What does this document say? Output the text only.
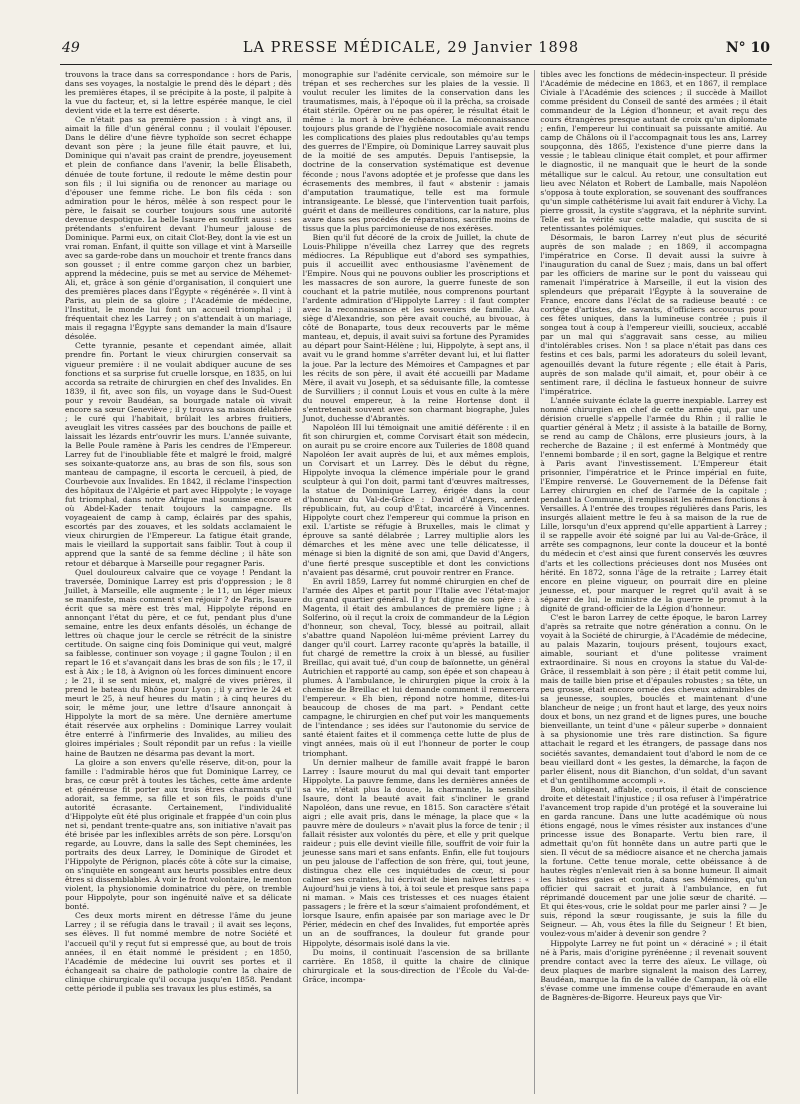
49	LA PRESSE MÉDICALE, 29 Janvier 1898	N° 10

trouvons la trace dans sa correspondance : hors de Paris, dans ses voyages, la nostalgie le prend dès le départ ; dès les premières étapes, il se précipite à la poste, il palpite à la vue du facteur, et, si la lettre espérée manque, le ciel devient vide et la terre est déserte.

Ce n'était pas sa première passion : à vingt ans, il aimait la fille d'un général connu ; il voulait l'épouser. Dans le délire d'une fièvre typhoïde son secret échappe devant son père ; la jeune fille était pauvre, et lui, Dominique qui n'avait pas craint de prendre, joyeusement et plein de confiance dans l'avenir, la belle Élisabeth, dénuée de toute fortune, il redoute le même destin pour son fils ; il lui signifia ou de renoncer au mariage ou d'épouser une femme riche. Le bon fils céda : son admiration pour le héros, mêlée à son respect pour le père, le faisait se courber toujours sous une autorité devenue despotique. La belle Isaure en souffrit aussi : ses prétendants s'enfuirent devant l'humeur jalouse de Dominique. Parmi eux, on citait Clot-Bey, dont la vie est un vrai roman. Enfant, il quitte son village et vint à Marseille avec sa garde-robe dans un mouchoir et trente francs dans son gousset ; il entre comme garçon chez un barbier, apprend la médecine, puis se met au service de Méhemet-Ali, et, grâce à son génie d'organisation, il conquiert une des premières places dans l'Égypte « régénérée ». Il vint à Paris, au plein de sa gloire ; l'Académie de médecine, l'Institut, le monde lui font un accueil triomphal ; il fréquentait chez les Larrey ; on s'attendait à un mariage, mais il regagna l'Égypte sans demander la main d'Isaure désolée.

Cette tyrannie, pesante et cependant aimée, allait prendre fin. Portant le vieux chirurgien conservait sa vigueur première : il ne voulait abdiquer aucune de ses fonctions et sa surprise fut cruelle lorsque, en 1835, on lui accorda sa retraite de chirurgien en chef des Invalides. En 1839, il fit, avec son fils, un voyage dans le Sud-Ouest pour y revoir Baudéan, sa bourgade natale où vivait encore sa sœur Geneviève ; il y trouva sa maison délabrée ; le curé qui l'habitait, brûlait les arbres fruitiers, aveuglait les vitres cassées par des bouchons de paille et laissait les lézards entr'ouvrir les murs. L'année suivante, la Belle Poule ramène à Paris les cendres de l'Empereur. Larrey fut de l'inoubliable fête et malgré le froid, malgré ses soixante-quatorze ans, au bras de son fils, sous son manteau de campagne, il escorta le cercueil, à pied, de Courbevoie aux Invalides. En 1842, il réclame l'inspection des hôpitaux de l'Algérie et part avec Hippolyte ; le voyage fut triomphal, dans notre Afrique mal soumise encore et où Abdel-Kader tenait toujours la campagne. Ils voyageaient de camp à camp, éclairés par des spahis, escortés par des zouaves, et les soldats acclamaient le vieux chirurgien de l'Empereur. La fatigue était grande, mais le vieillard la supportait sans faiblir. Tout à coup il apprend que la santé de sa femme décline ; il hâte son retour et débarque à Marseille pour regagner Paris.

Quel douloureux calvaire que ce voyage ! Pendant la traversée, Dominique Larrey est pris d'oppression ; le 8 Juillet, à Marseille, elle augmente ; le 11, un léger mieux se manifeste, mais comment s'en réjouir ? de Paris, Isaure écrit que sa mère est très mal, Hippolyte répond en annonçant l'état du père, et ce fut, pendant plus d'une semaine, entre les deux enfants désolés, un échange de lettres où chaque jour le cercle se rétrécit de la sinistre certitude. On saigne cinq fois Dominique qui veut, malgré sa faiblesse, continuer son voyage ; il gagne Toulon ; il en repart le 16 et s'avançait dans les bras de son fils ; le 17, il est à Aix ; le 18, à Avignon où les forces diminuent encore ; le 21, il se sent mieux, et, malgré de vives prières, il prend le bateau du Rhône pour Lyon ; il y arrive le 24 et meurt le 25, à neuf heures du matin ; à cinq heures du soir, le même jour, une lettre d'Isaure annonçait à Hippolyte la mort de sa mère. Une dernière amertume était réservée aux orphelins : Dominique Larrey voulait être enterré à l'infirmerie des Invalides, au milieu des gloires impériales ; Soult répondit par un refus : la vieille haine de Bautzen ne désarma pas devant la mort.

La gloire a son envers qu'elle réserve, dit-on, pour la famille : l'admirable héros que fut Dominique Larrey, ce bras, ce cœur prêt à toutes les tâches, cette âme ardente et généreuse fit porter aux trois êtres charmants qu'il adorait, sa femme, sa fille et son fils, le poids d'une autorité écrasante. Certainement, l'individualité d'Hippolyte eût été plus originale et frappée d'un coin plus net si, pendant trente-quatre ans, son initiative n'avait pas été brisée par les inflexibles arrêts de son père. Lorsqu'on regarde, au Louvre, dans la salle des Sept cheminées, les portraits des deux Larrey, le Dominique de Girodet et l'Hippolyte de Pérignon, placés côte à côte sur la cimaise, on s'inquiète en songeant aux heurts possibles entre deux êtres si dissemblables. À voir le front volontaire, le menton violent, la physionomie dominatrice du père, on tremble pour Hippolyte, pour son ingénuité naïve et sa délicate bonté.

Ces deux morts mirent en détresse l'âme du jeune Larrey ; il se réfugia dans le travail ; il avait ses leçons, ses élèves. Il fut nommé membre de notre Société et l'accueil qu'il y reçut fut si empressé que, au bout de trois années, il en était nommé le président ; en 1850, l'Académie de médecine lui ouvrit ses portes et il échangeait sa chaire de pathologie contre la chaire de clinique chirurgicale qu'il occupa jusqu'en 1858. Pendant cette période il publia ses travaux les plus estimés, sa

monographie sur l'adénite cervicale, son mémoire sur le trépan et ses recherches sur les plaies de la vessie. Il voulut reculer les limites de la conservation dans les traumatismes, mais, à l'époque où il la prêcha, sa croisade était stérile. Opérer ou ne pas opérer, le résultat était le même : la mort à brève échéance. La méconnaissance toujours plus grande de l'hygiène nosocomiale avait rendu les complications des plaies plus redoutables qu'au temps des guerres de l'Empire, où Dominique Larrey sauvait plus de la moitié de ses amputés. Depuis l'antisepsie, la doctrine de la conservation systématique est devenue féconde ; nous l'avons adoptée et je professe que dans les écrasements des membres, il faut « abstenir : jamais d'amputation traumatique, telle est ma formule intransigeante. Le blessé, que l'intervention tuait parfois, guérit et dans de meilleures conditions, car la nature, plus avare dans ses procédés de réparations, sacrifie moins de tissus que la plus parcimonieuse de nos exérèses.

Bien qu'il fut décoré de la croix de Juillet, la chute de Louis-Philippe n'éveilla chez Larrey que des regrets médiocres. La République eut d'abord ses sympathies, puis il accueillit avec enthousiasme l'avènement de l'Empire. Nous qui ne pouvons oublier les proscriptions et les massacres de son aurore, la guerre funeste de son couchant et la patrie mutilée, nous comprenons pourtant l'ardente admiration d'Hippolyte Larrey : il faut compter avec la reconnaissance et les souvenirs de famille. Au siège d'Alexandrie, son père avait couché, au bivouac, à côté de Bonaparte, tous deux recouverts par le même manteau, et, depuis, il avait suivi sa fortune des Pyramides au départ pour Saint-Hélène ; lui, Hippolyte, à sept ans, il avait vu le grand homme s'arrêter devant lui, et lui flatter la joue. Par la lecture des Mémoires et Campagnes et par les récits de son père, il avait été accueilli par Madame Mère, il avait vu Joseph, et sa séduisante fille, la comtesse de Survilliers ; il connut Louis et vous en culte à la mère du nouvel empereur, à la reine Hortense dont il s'entretenait souvent avec son charmant biographe, Jules Junot, duchesse d'Abrantès.

Napoléon III lui témoignait une amitié déférente : il en fit son chirurgien et, comme Corvisart était son médecin, on aurait pu se croire encore aux Tuileries de 1808 quand Napoléon Ier avait auprès de lui, et aux mêmes emplois, un Corvisart et un Larrey. Dès le début du règne, Hippolyte invoqua la clémence impériale pour le grand sculpteur à qui l'on doit, parmi tant d'œuvres maîtresses, la statue de Dominique Larrey, érigée dans la cour d'honneur du Val-de-Grâce : David d'Angers, ardent républicain, fut, au coup d'État, incarcéré à Vincennes. Hippolyte court chez l'empereur qui commue la prison en exil. L'artiste se réfugie à Bruxelles, mais le climat y éprouve sa santé délabrée ; Larrey multiplie alors les démarches et les mène avec une telle délicatesse, il ménage si bien la dignité de son ami, que David d'Angers, d'une fierté presque susceptible et dont les convictions n'avaient pas désarmé, crut pouvoir rentrer en France.

En avril 1859, Larrey fut nommé chirurgien en chef de l'armée des Alpes et partit pour l'Italie avec l'état-major du grand quartier général. Il y fut digne de son père : à Magenta, il était des ambulances de première ligne ; à Solferino, où il reçut la croix de commandeur de la Légion d'honneur, son cheval, Tocy, blessé au poitrail, allait s'abattre quand Napoléon lui-même prévient Larrey du danger qu'il court. Larrey raconte qu'après la bataille, il fut chargé de remettre la croix à un blessé, au fusilier Breillac, qui avait tué, d'un coup de baïonnette, un général Autrichien et rapporté au camp, son épée et son chapeau à plumes. À l'ambulance, le chirurgien pique la croix à la chemise de Breillac et lui demande comment il remercera l'empereur. « Eh bien, répond notre homme, dites-lui beaucoup de choses de ma part. » Pendant cette campagne, le chirurgien en chef put voir les manquements de l'intendance ; ses idées sur l'autonomie du service de santé étaient faites et il commença cette lutte de plus de vingt années, mais où il eut l'honneur de porter le coup triomphant.

Un dernier malheur de famille avait frappé le baron Larrey : Isaure mourut du mal qui devait tant emporter Hippolyte. La pauvre femme, dans les dernières années de sa vie, n'était plus la douce, la charmante, la sensible Isaure, dont la beauté avait fait s'incliner le grand Napoléon, dans une revue, en 1815. Son caractère s'était aigri ; elle avait pris, dans le ménage, la place que « la pauvre mère de douleurs » n'avait plus la force de tenir ; il fallait résister aux volontés du père, et elle y prit quelque raideur ; puis elle devint vieille fille, souffrit de voir fuir la jeunesse sans mari et sans enfants. Enfin, elle fut toujours un peu jalouse de l'affection de son frère, qui, tout jeune, distingua chez elle ces inquiétudes de cœur, si pour calmer ses craintes, lui écrivait de bien naïves lettres : « Aujourd'hui je viens à toi, à toi seule et presque sans papa ni maman. » Mais ces tristesses et ces nuages étaient passagers ; le frère et la sœur s'aimaient profondément, et lorsque Isaure, enfin apaisée par son mariage avec le Dr Périer, médecin en chef des Invalides, fut emportée après un an de souffrances, la douleur fut grande pour Hippolyte, désormais isolé dans la vie.

Du moins, il continuait l'ascension de sa brillante carrière. En 1858, il quitte la chaire de clinique chirurgicale et la sous-direction de l'École du Val-de-Grâce, incompa-

tibles avec les fonctions de médecin-inspecteur. Il préside l'Académie de médecine en 1863, et en 1867, il remplace Civiale à l'Académie des sciences ; il succède à Maillot comme président du Conseil de santé des armées ; il était commandeur de la Légion d'honneur, et avait reçu des cours étrangères presque autant de croix qu'un diplomate ; enfin, l'empereur lui continuait sa puissante amitié. Au camp de Châlons où il l'accompagnait tous les ans, Larrey soupçonna, dès 1865, l'existence d'une pierre dans la vessie ; le tableau clinique était complet, et pour affirmer le diagnostic, il ne manquait que le heurt de la sonde métallique sur le calcul. Au retour, une consultation eut lieu avec Nélaton et Robert de Lamballe, mais Napoléon s'opposa à toute exploration, se souvenant des souffrances qu'un simple cathétérisme lui avait fait endurer à Vichy. La pierre grossit, la cystite s'aggrava, et la néphrite survint. Telle est la vérité sur cette maladie, qui suscita de si retentissantes polémiques.

Désormais, le baron Larrey n'eut plus de sécurité auprès de son malade ; en 1869, il accompagna l'impératrice en Corse. Il devait aussi la suivre à l'inauguration du canal de Suez ; mais, dans un bal offert par les officiers de marine sur le pont du vaisseau qui ramenait l'impératrice à Marseille, il eut la vision des splendeurs que préparait l'Égypte à la souveraine de France, encore dans l'éclat de sa radieuse beauté : ce cortège d'artistes, de savants, d'officiers accourus pour ces fêtes uniques, dans la lumineuse contrée ; puis il songea tout à coup à l'empereur vieilli, soucieux, accablé par un mal qui s'aggravait sans cesse, au milieu d'intolérables crises. Non ! sa place n'était pas dans ces festins et ces bals, parmi les adorateurs du soleil levant, agenouillés devant la future régente ; elle était à Paris, auprès de son malade qu'il aimait, et, pour obéir à ce sentiment rare, il déclina le fastueux honneur de suivre l'impératrice.

L'année suivante éclate la guerre inexpiable. Larrey est nommé chirurgien en chef de cette armée qui, par une dérision cruelle s'appelle l'armée du Rhin ; il rallie le quartier général à Metz ; il assiste à la bataille de Borny, se rend au camp de Châlons, erre plusieurs jours, à la recherche de Bazaine ; il est enfermé à Montmédy que l'ennemi bombarde ; il en sort, gagne la Belgique et rentre à Paris avant l'investissement. L'Empereur était prisonnier, l'impératrice et le Prince impérial en fuite, l'Empire renversé. Le Gouvernement de la Défense fait Larrey chirurgien en chef de l'armée de la capitale ; pendant la Commune, il remplissait les mêmes fonctions à Versailles. À l'entrée des troupes régulières dans Paris, les insurgés allaient mettre le feu à sa maison de la rue de Lille, lorsqu'un d'eux apprend qu'elle appartient à Larrey ; il se rappelle avoir été soigné par lui au Val-de-Grâce, il arrête ses compagnons, leur conte la douceur et la bonté du médecin et c'est ainsi que furent conservés les œuvres d'arts et les collections précieuses dont nos Musées ont hérité. En 1872, sonna l'âge de la retraite ; Larrey était encore en pleine vigueur, on pourrait dire en pleine jeunesse, et, pour marquer le regret qu'il avait à se séparer de lui, le ministre de la guerre le promut à la dignité de grand-officier de la Légion d'honneur.

C'est le baron Larrey de cette époque, le baron Larrey d'après sa retraite que notre génération a connu. On le voyait à la Société de chirurgie, à l'Académie de médecine, au palais Mazarin, toujours présent, toujours exact, aimable, souriant et d'une politesse vraiment extraordinaire. Si nous en croyons la statue du Val-de-Grâce, il ressemblait à son père ; il était petit comme lui, mais de taille bien prise et d'épaules robustes ; sa tête, un peu grosse, était encore ornée des cheveux admirables de sa jeunesse, souples, bouclés et maintenant d'une blancheur de neige ; un front haut et large, des yeux noirs doux et bons, un nez grand et de lignes pures, une bouche bienveillante, un teint d'une « pâleur superbe » donnaient à sa physionomie une très rare distinction. Sa figure attachait le regard et les étrangers, de passage dans nos sociétés savantes, demandaient tout d'abord le nom de ce beau vieillard dont « les gestes, la démarche, la façon de parler élisent, nous dit Bianchon, d'un soldat, d'un savant et d'un gentilhomme accompli ».

Bon, obligeant, affable, courtois, il était de conscience droite et détestait l'injustice ; il osa refuser à l'impératrice l'avancement trop rapide d'un protégé et la souveraine lui en garda rancune. Dans une lutte académique où nous étions engagé, nous le vîmes résister aux instances d'une princesse issue des Bonaparte. Vertu bien rare, il admettait qu'on fût honnête dans un autre parti que le sien. Il vécut de sa médiocre aisance et ne chercha jamais la fortune. Cette tenue morale, cette obéissance à de hautes règles n'enlevait rien à sa bonne humeur. Il aimait les histoires gaies et conta, dans ses Mémoires, qu'un officier qui sacrait et jurait à l'ambulance, en fut réprimandé doucement par une jolie sœur de charité. — Et qui êtes-vous, crie le soldat pour me parler ainsi ? — Je suis, répond la sœur rougissante, je suis la fille du Seigneur. — Ah, vous êtes la fille du Seigneur ! Et bien, voulez-vous m'aider à devenir son gendre ?

Hippolyte Larrey ne fut point un « déraciné » ; il était né à Paris, mais d'origine pyrénéenne ; il revenait souvent prendre contact avec la terre des aïeux. Le village, où deux plaques de marbre signalent la maison des Larrey, Baudéan, marque la fin de la vallée de Campan, là où elle s'évase comme une immense coupe d'émeraude en avant de Bagnères-de-Bigorre. Heureux pays que Vir-
